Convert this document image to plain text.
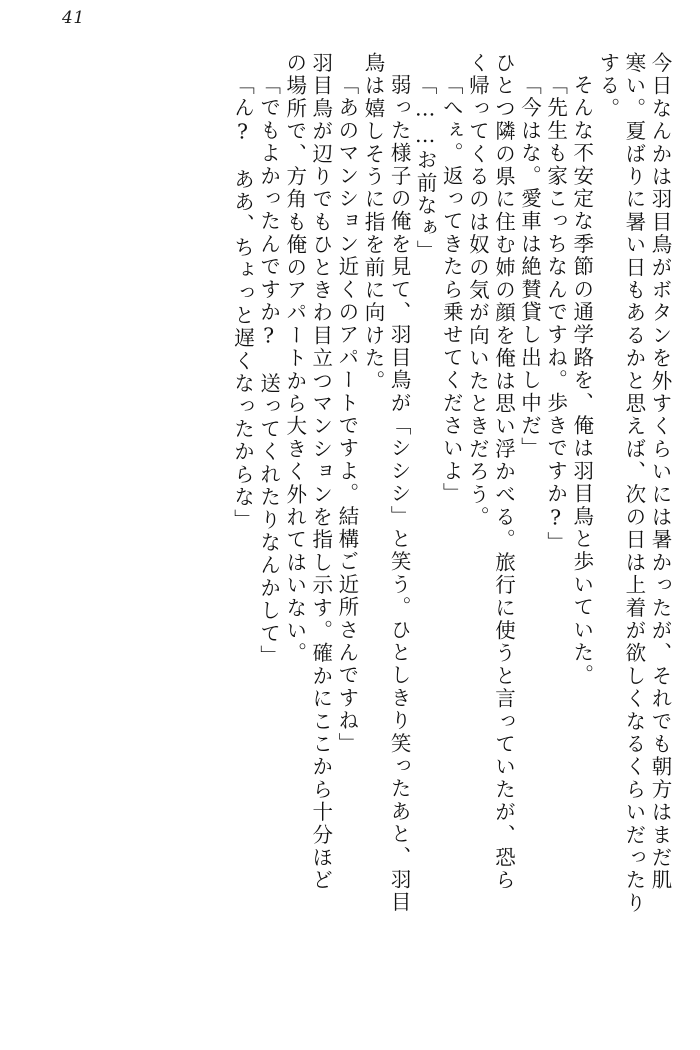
41
今日なんかは羽目鳥がボタンを外すくらいには暑かったが、それでも朝方はまだ肌
寒い。夏ばりに暑い日もあるかと思えば、次の日は上着が欲しくなるくらいだったり
する。
そんな不安定な季節の通学路を、俺は羽目鳥と歩いていた。
「先生も家こっちなんですね。歩きですか?」
「今はな。愛車は絶賛貸し出し中だ」
ひとつ隣の県に住む姉の顔を俺は思い浮かべる。旅行に使うと言っていたが、恐ら
く帰ってくるのは奴の気が向いたときだろう。
「へぇ。返ってきたら乗せてくださいよ」
「……お前なぁ」
弱った様子の俺を見て、羽目鳥が「シシシ」と笑う。ひとしきり笑ったあと、羽目
鳥は嬉しそうに指を前に向けた。
「あのマンション近くのアパートですよ。結構ご近所さんですね」
羽目鳥が辺りでもひときわ目立つマンションを指し示す。確かにここから十分ほど
の場所で、方角も俺のアパートから大きく外れてはいない。
「でもよかったんですか?　送ってくれたりなんかして」
「ん?　ああ、ちょっと遅くなったからな」
